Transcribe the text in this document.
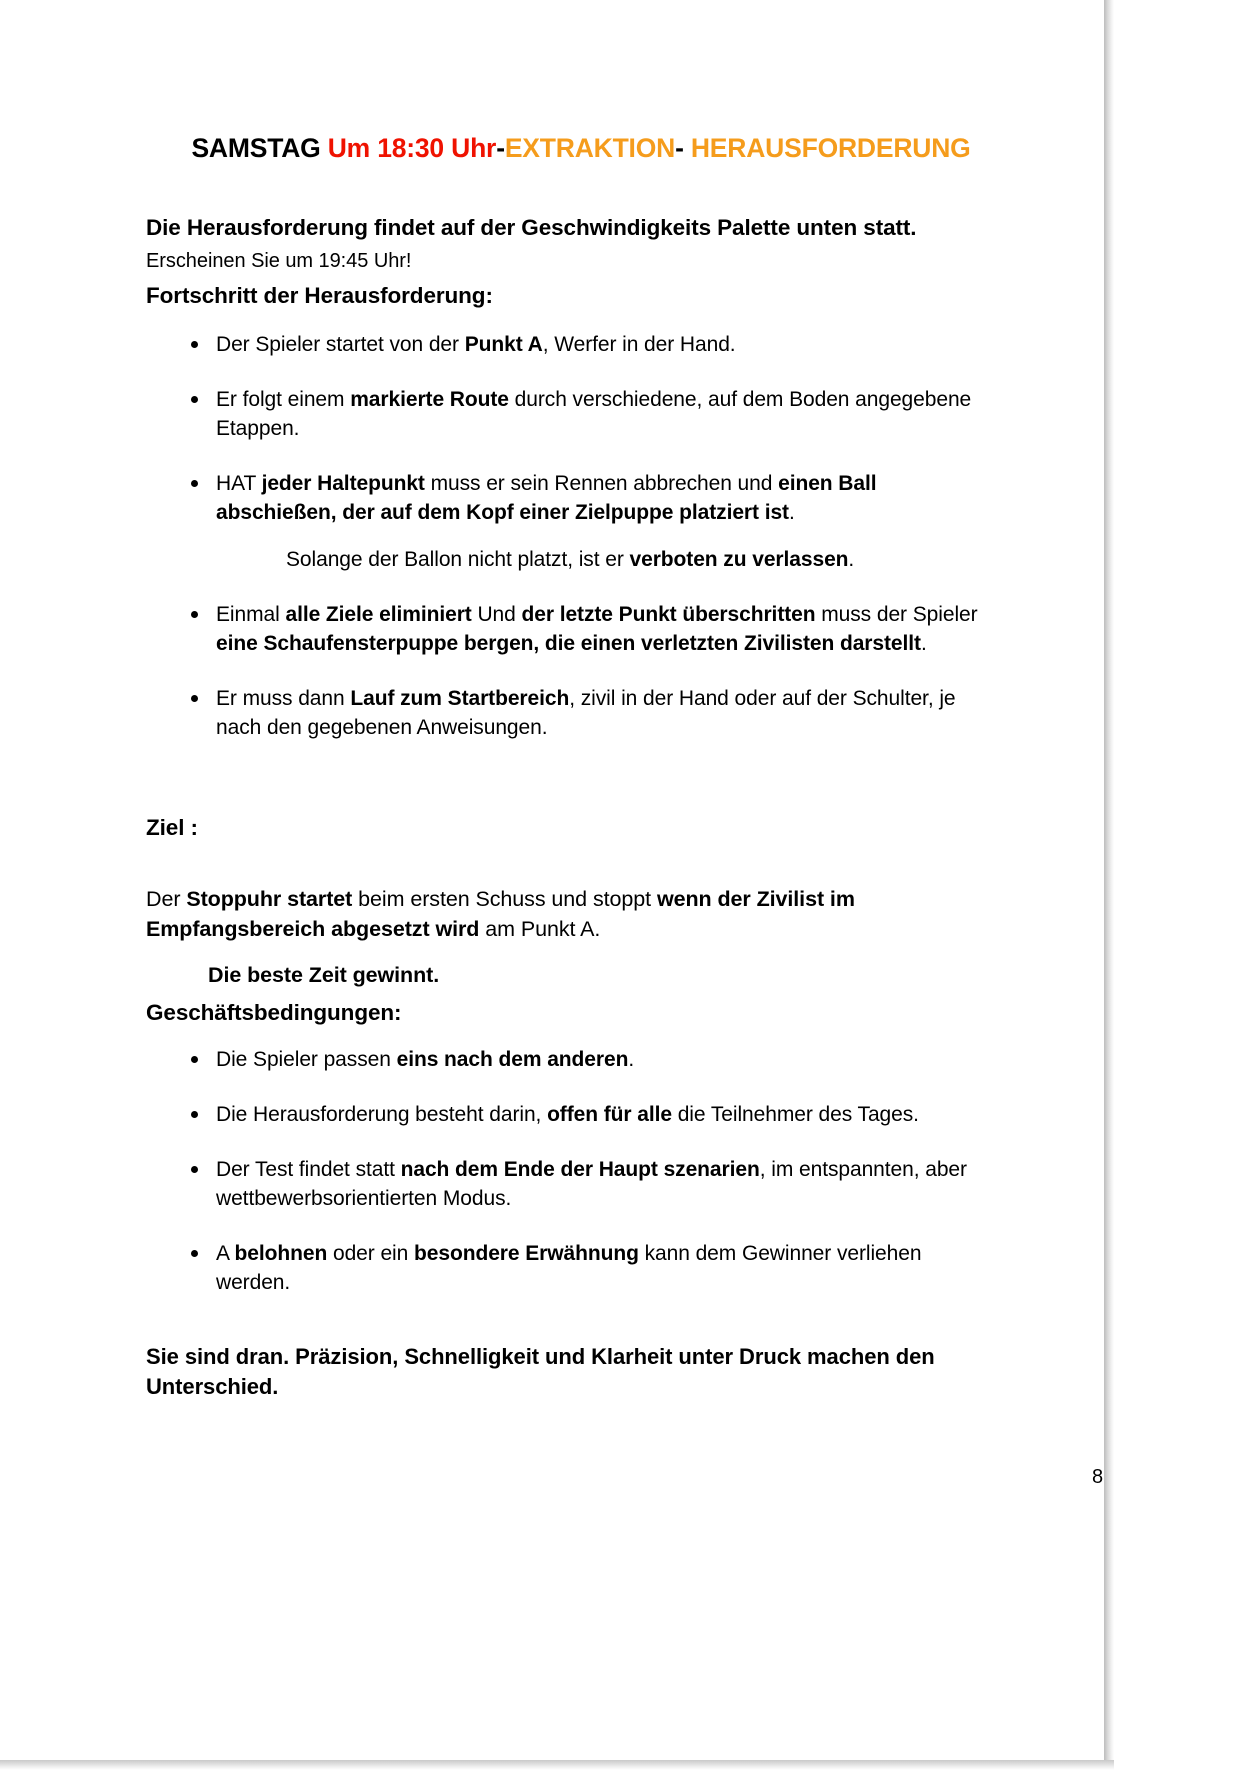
SAMSTAG Um 18:30 Uhr-EXTRAKTION- HERAUSFORDERUNG

Die Herausforderung findet auf der Geschwindigkeits Palette unten statt.

Erscheinen Sie um 19:45 Uhr!

Fortschritt der Herausforderung:
Der Spieler startet von der Punkt A, Werfer in der Hand.
Er folgt einem markierte Route durch verschiedene, auf dem Boden angegebene Etappen.
HAT jeder Haltepunkt muss er sein Rennen abbrechen und einen Ball abschießen, der auf dem Kopf einer Zielpuppe platziert ist.
Solange der Ballon nicht platzt, ist er verboten zu verlassen.
Einmal alle Ziele eliminiert Und der letzte Punkt überschritten muss der Spieler eine Schaufensterpuppe bergen, die einen verletzten Zivilisten darstellt.
Er muss dann Lauf zum Startbereich, zivil in der Hand oder auf der Schulter, je nach den gegebenen Anweisungen.
Ziel :

Der Stoppuhr startet beim ersten Schuss und stoppt wenn der Zivilist im Empfangsbereich abgesetzt wird am Punkt A.

Die beste Zeit gewinnt.

Geschäftsbedingungen:
Die Spieler passen eins nach dem anderen.
Die Herausforderung besteht darin, offen für alle die Teilnehmer des Tages.
Der Test findet statt nach dem Ende der Haupt szenarien, im entspannten, aber wettbewerbsorientierten Modus.
A belohnen oder ein besondere Erwähnung kann dem Gewinner verliehen werden.

Sie sind dran. Präzision, Schnelligkeit und Klarheit unter Druck machen den Unterschied.

8
